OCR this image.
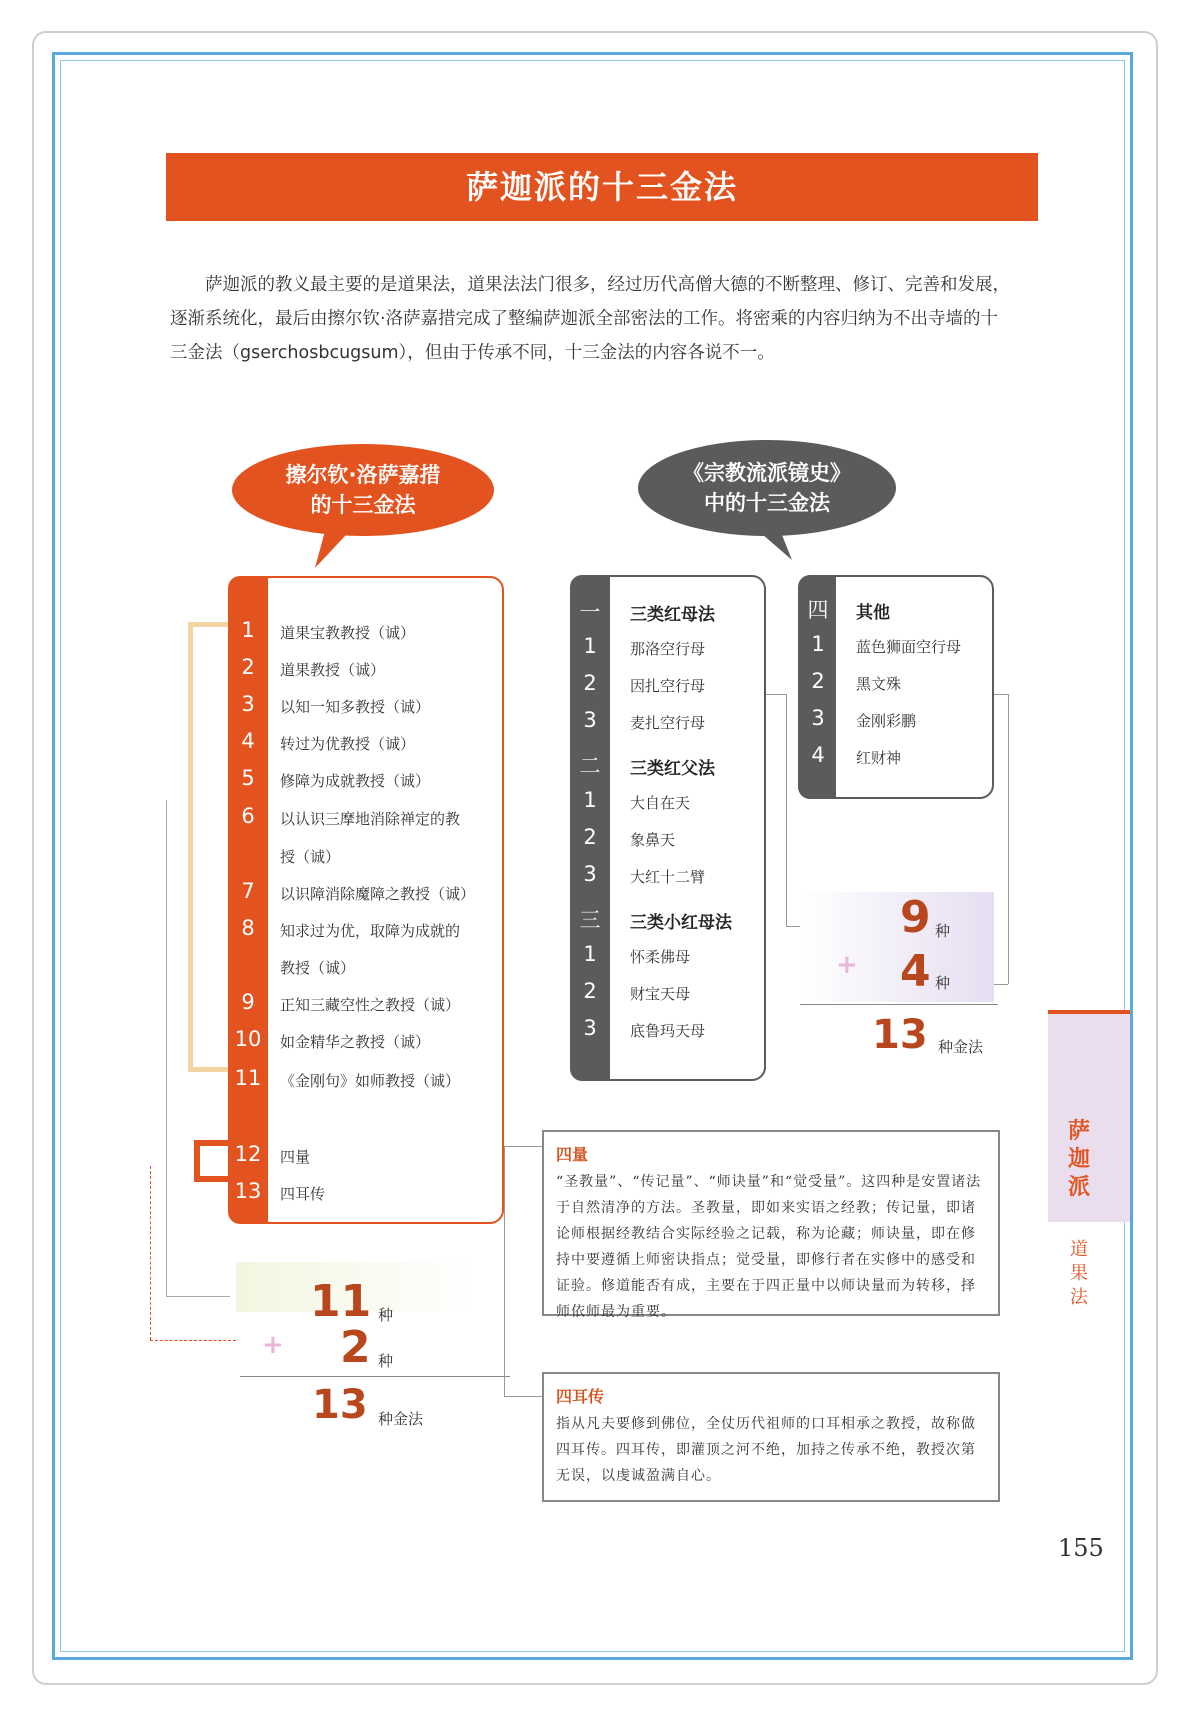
萨迦派的十三金法

萨迦派的教义最主要的是道果法，道果法法门很多，经过历代高僧大德的不断整理、修订、完善和发展，逐渐系统化，最后由擦尔钦·洛萨嘉措完成了整编萨迦派全部密法的工作。将密乘的内容归纳为不出寺墙的十三金法（gserchosbcugsum），但由于传承不同，十三金法的内容各说不一。

擦尔钦·洛萨嘉措
的十三金法
《宗教流派镜史》
中的十三金法
1	道果宝教教授（诚）
2	道果教授（诚）
3	以知一知多教授（诚）
4	转过为优教授（诚）
5	修障为成就教授（诚）
6	以认识三摩地消除禅定的教
授（诚）
7	以识障消除魔障之教授（诚）
8	知求过为优，取障为成就的
教授（诚）
9	正知三藏空性之教授（诚）
10	如金精华之教授（诚）
11	《金刚句》如师教授（诚）
12	四量
13	四耳传
一	三类红母法
1	那洛空行母
2	因扎空行母
3	麦扎空行母
二	三类红父法
1	大自在天
2	象鼻天
3	大红十二臂
三	三类小红母法
1	怀柔佛母
2	财宝天母
3	底鲁玛天母
四	其他
1	蓝色狮面空行母
2	黑文殊
3	金刚彩鹏
4	红财神
9 种
+ 4 种
13 种金法
11 种
+ 2 种
13 种金法
四量
“圣教量”、“传记量”、“师诀量”和“觉受量”。这四种是安置诸法于自然清净的方法。圣教量，即如来实语之经教；传记量，即诸论师根据经教结合实际经验之记载，称为论藏；师诀量，即在修持中要遵循上师密诀指点；觉受量，即修行者在实修中的感受和证验。修道能否有成，主要在于四正量中以师诀量而为转移，择师依师最为重要。
四耳传
指从凡夫要修到佛位，全仗历代祖师的口耳相承之教授，故称做四耳传。四耳传，即灌顶之河不绝，加持之传承不绝，教授次第无误，以虔诚盈满自心。
萨迦派
道果法
155
